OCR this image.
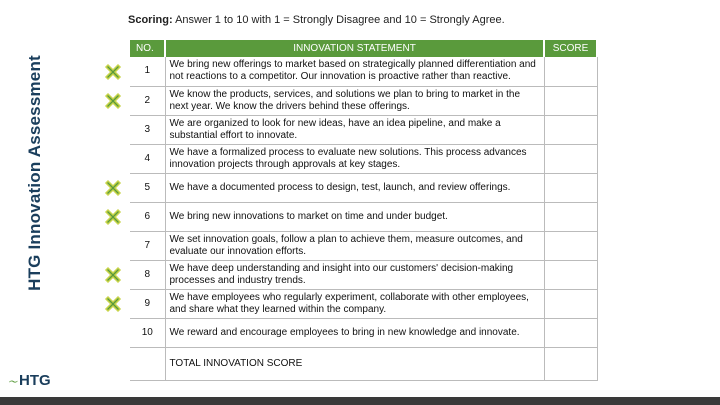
HTG Innovation Assessment
Scoring: Answer 1 to 10 with 1 = Strongly Disagree and 10 = Strongly Agree.
NO.	INNOVATION STATEMENT	SCORE
1	We bring new offerings to market based on strategically planned differentiation and not reactions to a competitor. Our innovation is proactive rather than reactive.	
2	We know the products, services, and solutions we plan to bring to market in the next year. We know the drivers behind these offerings.	
3	We are organized to look for new ideas, have an idea pipeline, and make a substantial effort to innovate.	
4	We have a formalized process to evaluate new solutions. This process advances innovation projects through approvals at key stages.	
5	We have a documented process to design, test, launch, and review offerings.	
6	We bring new innovations to market on time and under budget.	
7	We set innovation goals, follow a plan to achieve them, measure outcomes, and evaluate our innovation efforts.	
8	We have deep understanding and insight into our customers' decision-making processes and industry trends.	
9	We have employees who regularly experiment, collaborate with other employees, and share what they learned within the company.	
10	We reward and encourage employees to bring in new knowledge and innovate.	
	TOTAL INNOVATION SCORE	
〜 HTG
